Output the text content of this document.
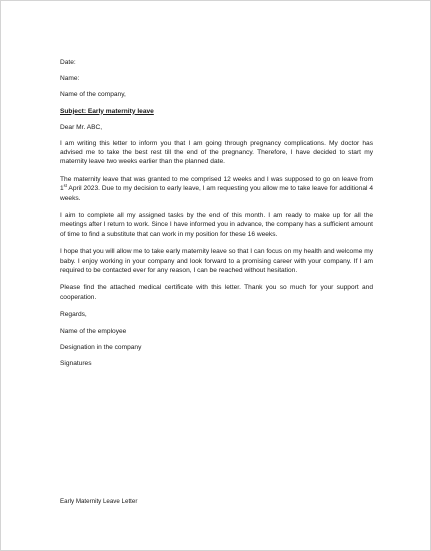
Date:

Name:

Name of the company,

Subject: Early maternity leave

Dear Mr. ABC,

I am writing this letter to inform you that I am going through pregnancy complications. My doctor has advised me to take the best rest till the end of the pregnancy. Therefore, I have decided to start my maternity leave two weeks earlier than the planned date.

The maternity leave that was granted to me comprised 12 weeks and I was supposed to go on leave from 1st April 2023. Due to my decision to early leave, I am requesting you allow me to take leave for additional 4 weeks.

I aim to complete all my assigned tasks by the end of this month. I am ready to make up for all the meetings after I return to work. Since I have informed you in advance, the company has a sufficient amount of time to find a substitute that can work in my position for these 16 weeks.

I hope that you will allow me to take early maternity leave so that I can focus on my health and welcome my baby. I enjoy working in your company and look forward to a promising career with your company. If I am required to be contacted ever for any reason, I can be reached without hesitation.

Please find the attached medical certificate with this letter. Thank you so much for your support and cooperation.

Regards,

Name of the employee

Designation in the company

Signatures

Early Maternity Leave Letter
